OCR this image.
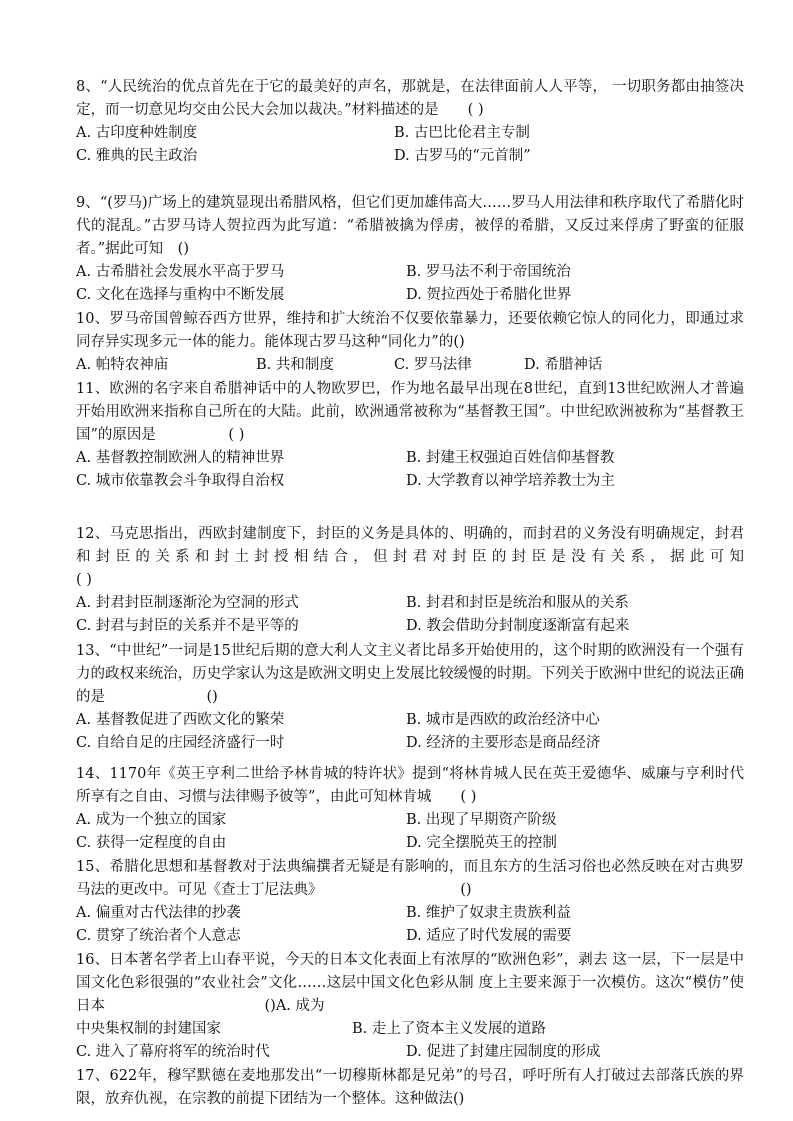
8、“人民统治的优点首先在于它的最美好的声名，那就是，在法律面前人人平等， 一切职务都由抽签决定，而一切意见均交由公民大会加以裁决。”材料描述的是　　 ( )

A. 古印度种姓制度	B. 古巴比伦君主专制
C. 雅典的民主政治	D. 古罗马的“元首制”

9、“(罗马)广场上的建筑显现出希腊风格，但它们更加雄伟高大……罗马人用法律和秩序取代了希腊化时代的混乱。”古罗马诗人贺拉西为此写道：“希腊被擒为俘虏，被俘的希腊，又反过来俘虏了野蛮的征服者。”据此可知　 ()

A. 古希腊社会发展水平高于罗马	B. 罗马法不利于帝国统治
C. 文化在选择与重构中不断发展	D. 贺拉西处于希腊化世界

10、罗马帝国曾鲸吞西方世界，维持和扩大统治不仅要依靠暴力，还要依赖它惊人的同化力，即通过求同存异实现多元一体的能力。能体现古罗马这种“同化力”的()

A. 帕特农神庙	B. 共和制度	C. 罗马法律	D. 希腊神话

11、欧洲的名字来自希腊神话中的人物欧罗巴，作为地名最早出现在8世纪，直到13世纪欧洲人才普遍开始用欧洲来指称自己所在的大陆。此前，欧洲通常被称为“基督教王国”。中世纪欧洲被称为“基督教王国”的原因是　　　　　	( )

A. 基督教控制欧洲人的精神世界	B. 封建王权强迫百姓信仰基督教
C. 城市依靠教会斗争取得自治权	D. 大学教育以神学培养教士为主

12、马克思指出，西欧封建制度下，封臣的义务是具体的、明确的，而封君的义务没有明确规定，封君和封臣的关系和封土封授相结合，但封君对封臣的封臣是没有关系，据此可知　　　　　　　　　　　　　　　　　　　( )

A. 封君封臣制逐渐沦为空洞的形式	B. 封君和封臣是统治和服从的关系
C. 封君与封臣的关系并不是平等的	D. 教会借助分封制度逐渐富有起来

13、“中世纪”一词是15世纪后期的意大利人文主义者比昂多开始使用的，这个时期的欧洲没有一个强有力的政权来统治，历史学家认为这是欧洲文明史上发展比较缓慢的时期。下列关于欧洲中世纪的说法正确的是　　　　　　　	()

A. 基督教促进了西欧文化的繁荣	B. 城市是西欧的政治经济中心
C. 自给自足的庄园经济盛行一时	D. 经济的主要形态是商品经济

14、1170年《英王亨利二世给予林肯城的特许状》提到“将林肯城人民在英王爱德华、威廉与亨利时代所享有之自由、习惯与法律赐予彼等”，由此可知林肯城　　 ( )

A. 成为一个独立的国家	B. 出现了早期资产阶级
C. 获得一定程度的自由	D. 完全摆脱英王的控制

15、希腊化思想和基督教对于法典编撰者无疑是有影响的，而且东方的生活习俗也必然反映在对古典罗马法的更改中。可见《查士丁尼法典》　　　　　　　　　　	()

A. 偏重对古代法律的抄袭	B. 维护了奴隶主贵族利益
C. 贯穿了统治者个人意志	D. 适应了时代发展的需要

16、日本著名学者上山春平说，今天的日本文化表面上有浓厚的“欧洲色彩”，剥去 这一层，下一层是中国文化色彩很强的“农业社会”文化……这层中国文化色彩从制 度上主要来源于一次模仿。这次“模仿”使日本　　　　　　　　　　　	()A. 成为

中央集权制的封建国家	B. 走上了资本主义发展的道路
C. 进入了幕府将军的统治时代	D. 促进了封建庄园制度的形成

17、622年，穆罕默德在麦地那发出“一切穆斯林都是兄弟”的号召，呼吁所有人打破过去部落氏族的界限，放弃仇视，在宗教的前提下团结为一个整体。这种做法()
